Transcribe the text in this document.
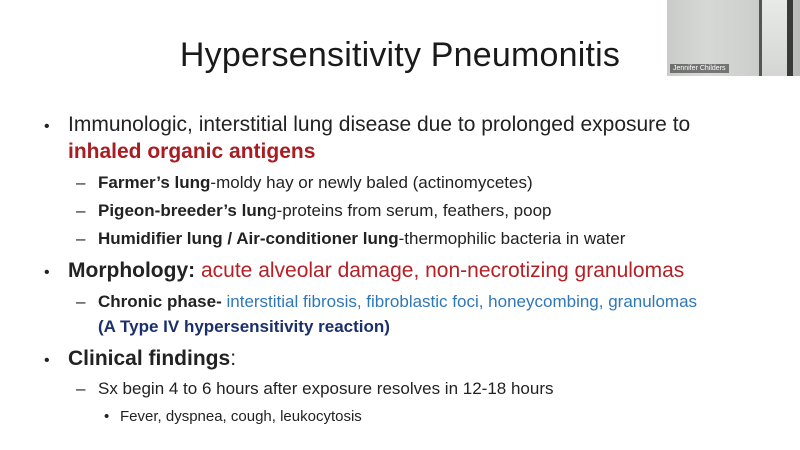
Hypersensitivity Pneumonitis	Jennifer Childers
• Immunologic, interstitial lung disease due to prolonged exposure to
inhaled organic antigens
– Farmer’s lung-moldy hay or newly baled (actinomycetes)
– Pigeon-breeder’s lung-proteins from serum, feathers, poop
– Humidifier lung / Air-conditioner lung-thermophilic bacteria in water
• Morphology: acute alveolar damage, non-necrotizing granulomas
– Chronic phase- interstitial fibrosis, fibroblastic foci, honeycombing, granulomas
(A Type IV hypersensitivity reaction)
• Clinical findings:
– Sx begin 4 to 6 hours after exposure resolves in 12-18 hours
• Fever, dyspnea, cough, leukocytosis
